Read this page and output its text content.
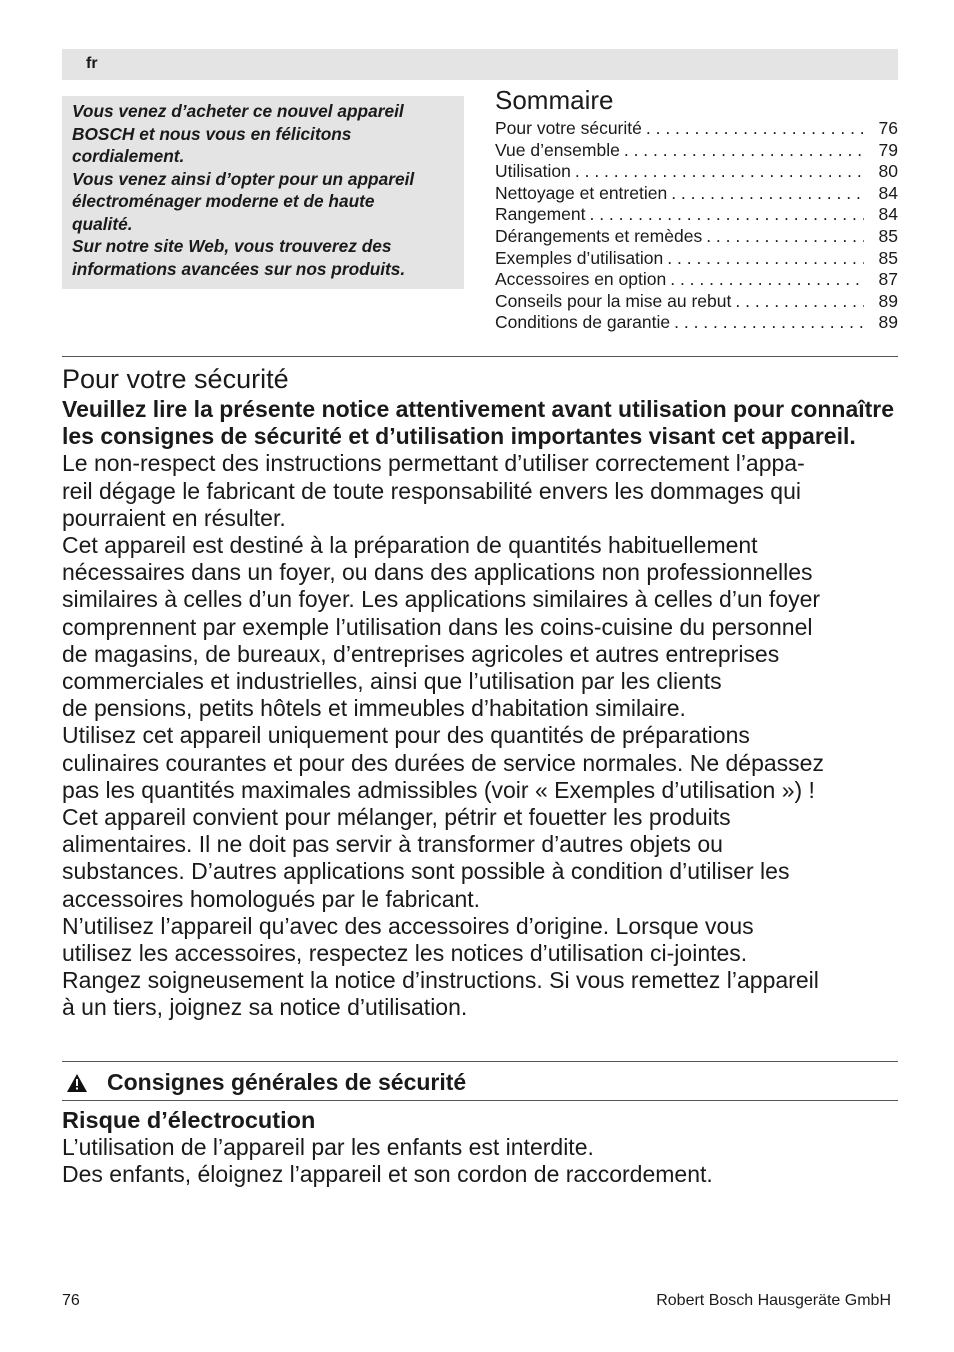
fr

Vous venez d’acheter ce nouvel appareil

BOSCH et nous vous en félicitons

cordialement.

Vous venez ainsi d’opter pour un appareil

électroménager moderne et de haute

qualité.

Sur notre site Web, vous trouverez des

informations avancées sur nos produits.

Sommaire
Pour votre sécurité . . .	76
Vue d’ensemble . . .	79
Utilisation . . .	80
Nettoyage et entretien . . .	84
Rangement . . .	84
Dérangements et remèdes . . .	85
Exemples d’utilisation . . .	85
Accessoires en option . . .	87
Conseils pour la mise au rebut . . .	89
Conditions de garantie . . .	89
Pour votre sécurité

Veuillez lire la présente notice attentivement avant utilisation pour connaître les consignes de sécurité et d’utilisation importantes visant cet appareil.

Le non-respect des instructions permettant d’utiliser correctement l’appa-

reil dégage le fabricant de toute responsabilité envers les dommages qui

pourraient en résulter.

Cet appareil est destiné à la préparation de quantités habituellement

nécessaires dans un foyer, ou dans des applications non professionnelles

similaires à celles d’un foyer. Les applications similaires à celles d’un foyer

comprennent par exemple l’utilisation dans les coins-cuisine du personnel

de magasins, de bureaux, d’entreprises agricoles et autres entreprises

commerciales et industrielles, ainsi que l’utilisation par les clients

de pensions, petits hôtels et immeubles d’habitation similaire.

Utilisez cet appareil uniquement pour des quantités de préparations

culinaires courantes et pour des durées de service normales. Ne dépassez

pas les quantités maximales admissibles (voir « Exemples d’utilisation ») !

Cet appareil convient pour mélanger, pétrir et fouetter les produits

alimentaires. Il ne doit pas servir à transformer d’autres objets ou

substances. D’autres applications sont possible à condition d’utiliser les

accessoires homologués par le fabricant.

N’utilisez l’appareil qu’avec des accessoires d’origine. Lorsque vous

utilisez les accessoires, respectez les notices d’utilisation ci-jointes.

Rangez soigneusement la notice d’instructions. Si vous remettez l’appareil

à un tiers, joignez sa notice d’utilisation.

Consignes générales de sécurité
Risque d’électrocution

L’utilisation de l’appareil par les enfants est interdite.

Des enfants, éloignez l’appareil et son cordon de raccordement.

76	Robert Bosch Hausgeräte GmbH
